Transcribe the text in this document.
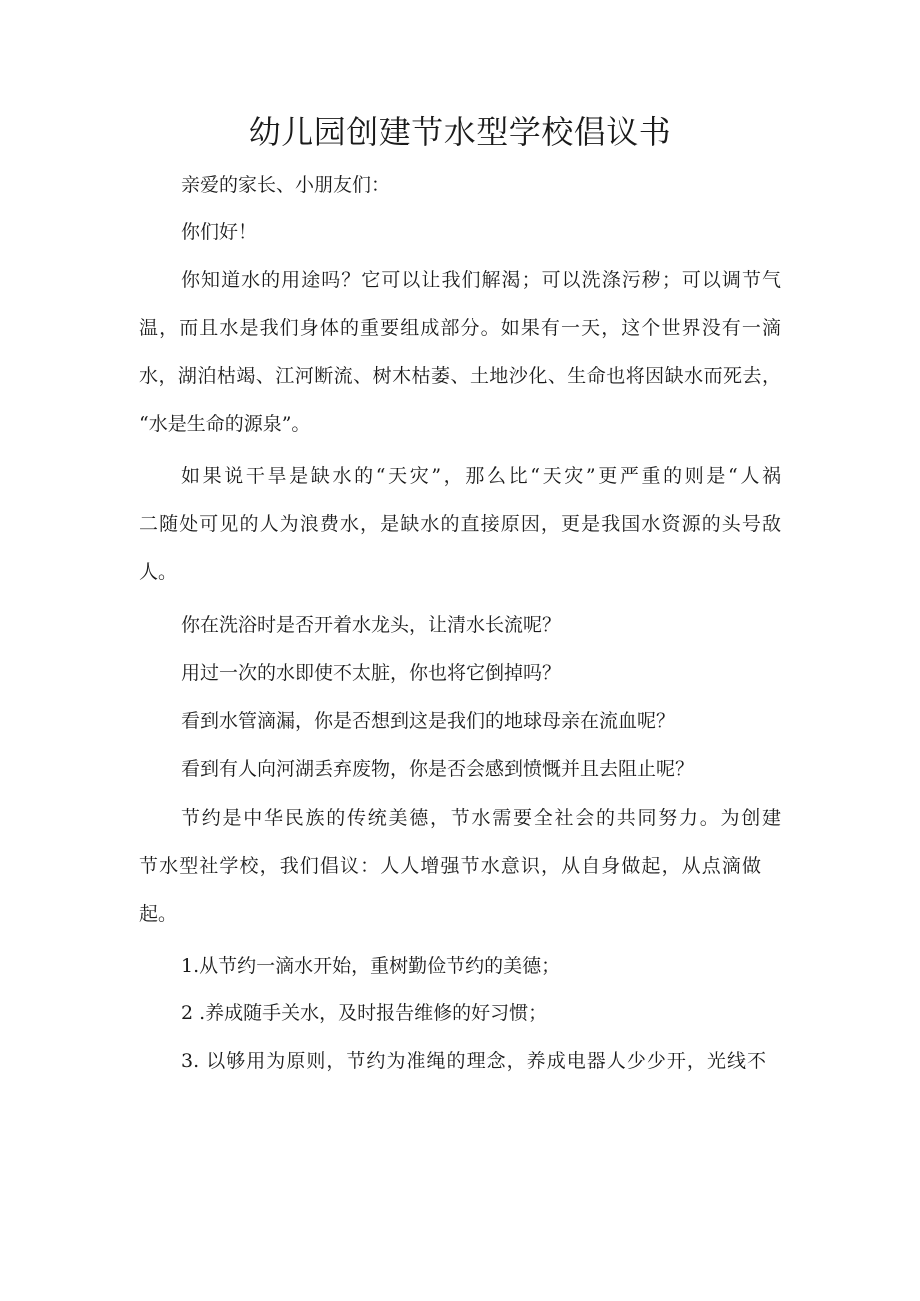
幼儿园创建节水型学校倡议书

亲爱的家长、小朋友们：

你们好！

你知道水的用途吗？它可以让我们解渴；可以洗涤污秽；可以调节气

温，而且水是我们身体的重要组成部分。如果有一天，这个世界没有一滴

水，湖泊枯竭、江河断流、树木枯萎、土地沙化、生命也将因缺水而死去，

“水是生命的源泉”。

如果说干旱是缺水的“天灾”，那么比“天灾”更严重的则是“人祸

二随处可见的人为浪费水，是缺水的直接原因，更是我国水资源的头号敌

人。

你在洗浴时是否开着水龙头，让清水长流呢？

用过一次的水即使不太脏，你也将它倒掉吗？

看到水管滴漏，你是否想到这是我们的地球母亲在流血呢？

看到有人向河湖丢弃废物，你是否会感到愤慨并且去阻止呢？

节约是中华民族的传统美德，节水需要全社会的共同努力。为创建

节水型社学校，我们倡议：人人增强节水意识，从自身做起，从点滴做

起。

1.从节约一滴水开始，重树勤俭节约的美德；

2 .养成随手关水，及时报告维修的好习惯；

3. 以够用为原则，节约为准绳的理念，养成电器人少少开，光线不
